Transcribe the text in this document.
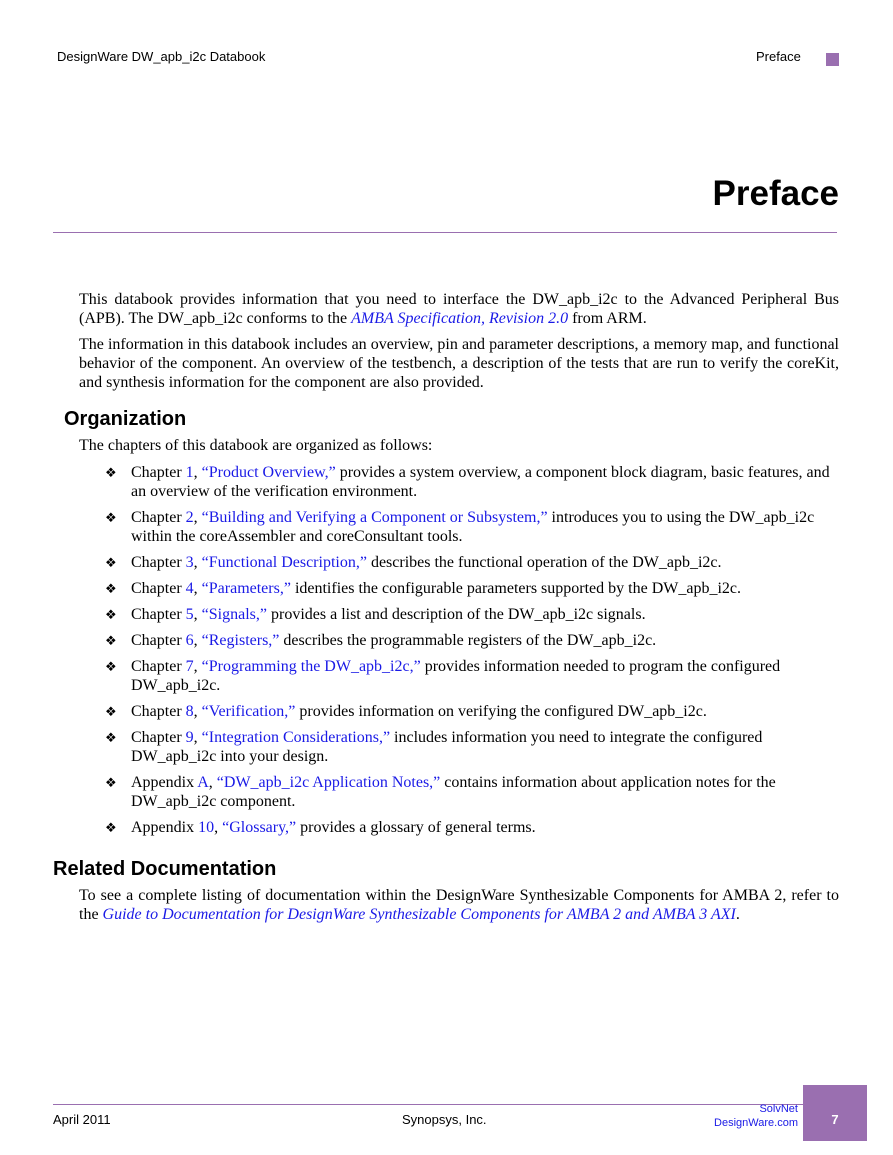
DesignWare DW_apb_i2c Databook	Preface
Preface
This databook provides information that you need to interface the DW_apb_i2c to the Advanced Peripheral Bus (APB). The DW_apb_i2c conforms to the AMBA Specification, Revision 2.0 from ARM.
The information in this databook includes an overview, pin and parameter descriptions, a memory map, and functional behavior of the component. An overview of the testbench, a description of the tests that are run to verify the coreKit, and synthesis information for the component are also provided.
Organization
The chapters of this databook are organized as follows:
❖ Chapter 1, “Product Overview,” provides a system overview, a component block diagram, basic features, and an overview of the verification environment.
❖ Chapter 2, “Building and Verifying a Component or Subsystem,” introduces you to using the DW_apb_i2c within the coreAssembler and coreConsultant tools.
❖ Chapter 3, “Functional Description,” describes the functional operation of the DW_apb_i2c.
❖ Chapter 4, “Parameters,” identifies the configurable parameters supported by the DW_apb_i2c.
❖ Chapter 5, “Signals,” provides a list and description of the DW_apb_i2c signals.
❖ Chapter 6, “Registers,” describes the programmable registers of the DW_apb_i2c.
❖ Chapter 7, “Programming the DW_apb_i2c,” provides information needed to program the configured DW_apb_i2c.
❖ Chapter 8, “Verification,” provides information on verifying the configured DW_apb_i2c.
❖ Chapter 9, “Integration Considerations,” includes information you need to integrate the configured DW_apb_i2c into your design.
❖ Appendix A, “DW_apb_i2c Application Notes,” contains information about application notes for the DW_apb_i2c component.
❖ Appendix 10, “Glossary,” provides a glossary of general terms.
Related Documentation
To see a complete listing of documentation within the DesignWare Synthesizable Components for AMBA 2, refer to the Guide to Documentation for DesignWare Synthesizable Components for AMBA 2 and AMBA 3 AXI.
April 2011	Synopsys, Inc.
SolvNet
DesignWare.com	7
